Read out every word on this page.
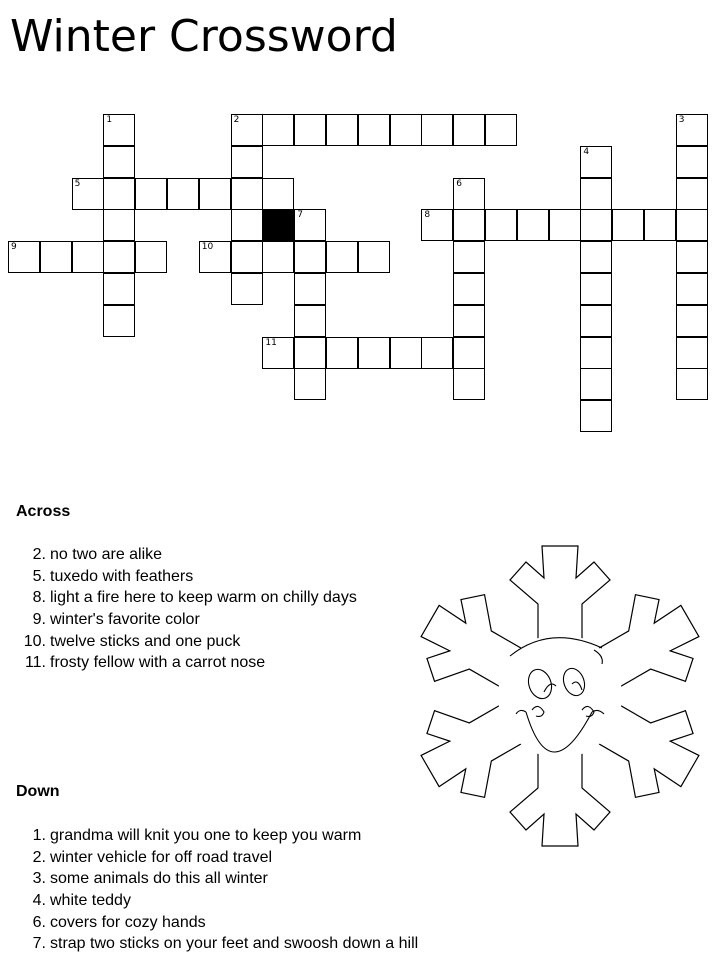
Winter Crossword
1	2	3
4
5	6
7	8
9	10
11
Across
2. no two are alike
5. tuxedo with feathers
8. light a fire here to keep warm on chilly days
9. winter's favorite color
10. twelve sticks and one puck
11. frosty fellow with a carrot nose
Down
1. grandma will knit you one to keep you warm
2. winter vehicle for off road travel
3. some animals do this all winter
4. white teddy
6. covers for cozy hands
7. strap two sticks on your feet and swoosh down a hill
